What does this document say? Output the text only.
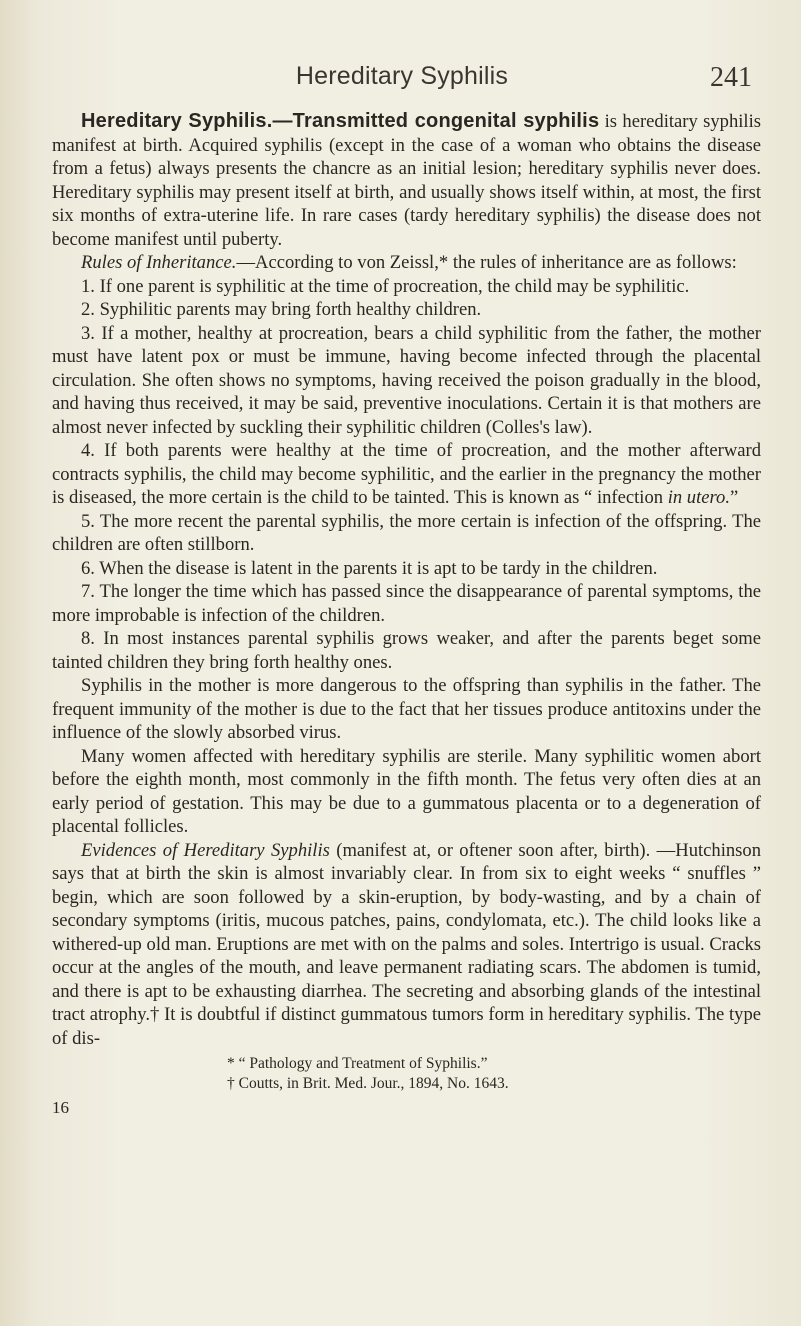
Hereditary Syphilis	241

Hereditary Syphilis.—Transmitted congenital syphilis is hereditary syphilis manifest at birth. Acquired syphilis (except in the case of a woman who obtains the disease from a fetus) always presents the chancre as an initial lesion; hereditary syphilis never does. Hereditary syphilis may present itself at birth, and usually shows itself within, at most, the first six months of extra-uterine life. In rare cases (tardy hereditary syphilis) the disease does not become manifest until puberty.

Rules of Inheritance.—According to von Zeissl,* the rules of inheritance are as follows:

1. If one parent is syphilitic at the time of procreation, the child may be syphilitic.

2. Syphilitic parents may bring forth healthy children.

3. If a mother, healthy at procreation, bears a child syphilitic from the father, the mother must have latent pox or must be immune, having become infected through the placental circulation. She often shows no symptoms, having received the poison gradually in the blood, and having thus received, it may be said, preventive inoculations. Certain it is that mothers are almost never infected by suckling their syphilitic children (Colles's law).

4. If both parents were healthy at the time of procreation, and the mother afterward contracts syphilis, the child may become syphilitic, and the earlier in the pregnancy the mother is diseased, the more certain is the child to be tainted. This is known as “ infection in utero.”

5. The more recent the parental syphilis, the more certain is infection of the offspring. The children are often stillborn.

6. When the disease is latent in the parents it is apt to be tardy in the children.

7. The longer the time which has passed since the disappearance of parental symptoms, the more improbable is infection of the children.

8. In most instances parental syphilis grows weaker, and after the parents beget some tainted children they bring forth healthy ones.

Syphilis in the mother is more dangerous to the offspring than syphilis in the father. The frequent immunity of the mother is due to the fact that her tissues produce antitoxins under the influence of the slowly absorbed virus.

Many women affected with hereditary syphilis are sterile. Many syphilitic women abort before the eighth month, most commonly in the fifth month. The fetus very often dies at an early period of gestation. This may be due to a gummatous placenta or to a degeneration of placental follicles.

Evidences of Hereditary Syphilis (manifest at, or oftener soon after, birth). —Hutchinson says that at birth the skin is almost invariably clear. In from six to eight weeks “ snuffles ” begin, which are soon followed by a skin-eruption, by body-wasting, and by a chain of secondary symptoms (iritis, mucous patches, pains, condylomata, etc.). The child looks like a withered-up old man. Eruptions are met with on the palms and soles. Intertrigo is usual. Cracks occur at the angles of the mouth, and leave permanent radiating scars. The abdomen is tumid, and there is apt to be exhausting diarrhea. The secreting and absorbing glands of the intestinal tract atrophy.† It is doubtful if distinct gummatous tumors form in hereditary syphilis. The type of dis-

* “ Pathology and Treatment of Syphilis.”

† Coutts, in Brit. Med. Jour., 1894, No. 1643.

16
